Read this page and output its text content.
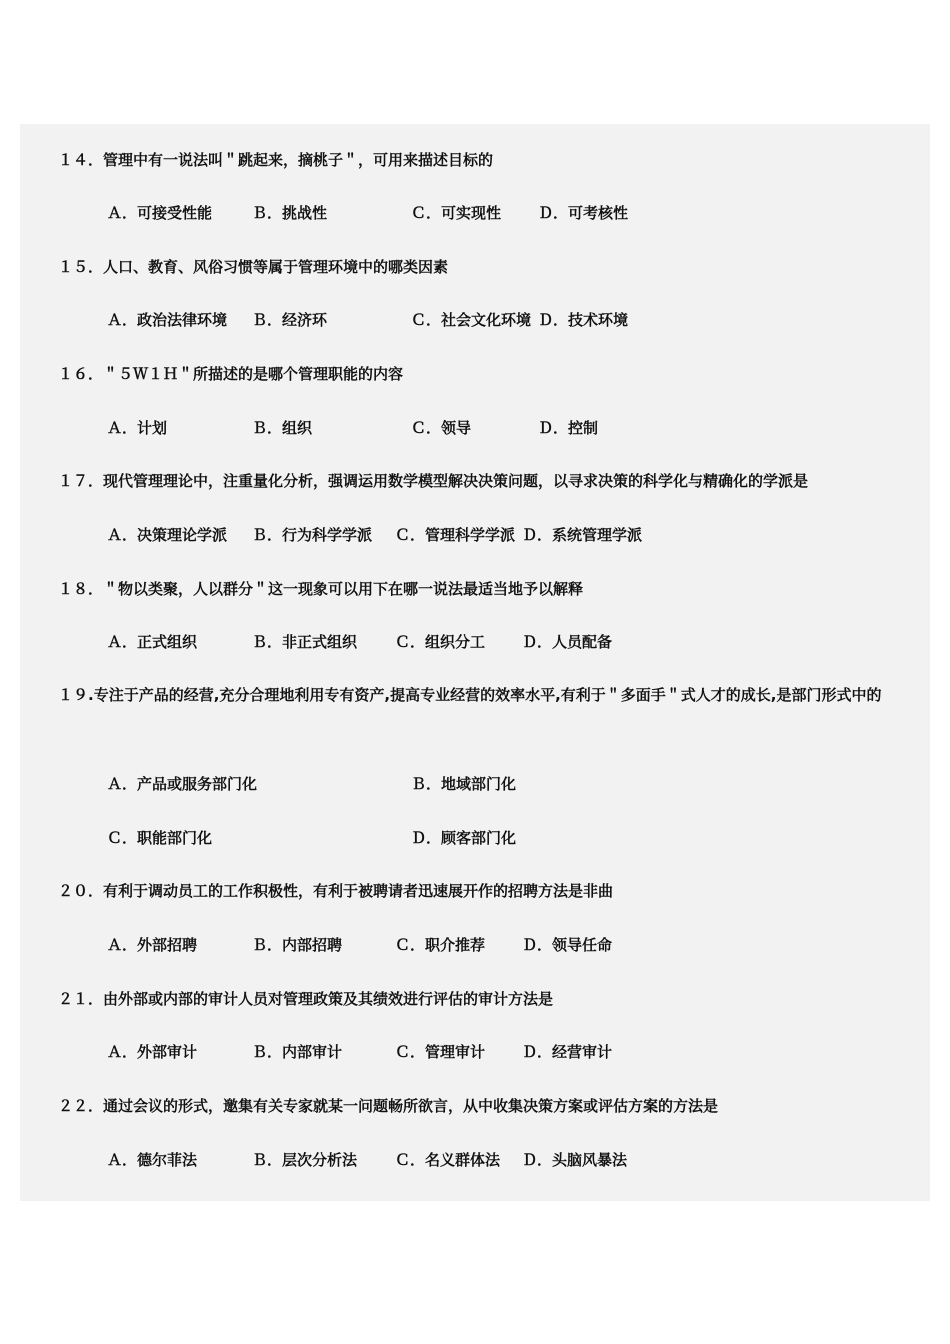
１４．管理中有一说法叫＂跳起来，摘桃子＂，可用来描述目标的
Ａ．可接受性能	Ｂ．挑战性	Ｃ．可实现性 Ｄ．可考核性
１５．人口、教育、风俗习惯等属于管理环境中的哪类因素
Ａ．政治法律环境 Ｂ．经济环	Ｃ．社会文化环境 Ｄ．技术环境
１６．＂５Ｗ１Ｈ＂所描述的是哪个管理职能的内容
Ａ．计划	Ｂ．组织	Ｃ．领导	Ｄ．控制
１７．现代管理理论中，注重量化分析，强调运用数学模型解决决策问题，以寻求决策的科学化与精确化的学派是
Ａ．决策理论学派 Ｂ．行为科学学派 Ｃ．管理科学学派 Ｄ．系统管理学派
１８．＂物以类聚，人以群分＂这一现象可以用下在哪一说法最适当地予以解释
Ａ．正式组织	Ｂ．非正式组织	Ｃ．组织分工 Ｄ．人员配备
１９.专注于产品的经营,充分合理地利用专有资产,提高专业经营的效率水平,有利于＂多面手＂式人才的成长,是部门形式中的
Ａ．产品或服务部门化	Ｂ．地域部门化
Ｃ．职能部门化	Ｄ．顾客部门化
２０．有利于调动员工的工作积极性，有利于被聘请者迅速展开作的招聘方法是非曲
Ａ．外部招聘	Ｂ．内部招聘	Ｃ．职介推荐 Ｄ．领导任命
２１．由外部或内部的审计人员对管理政策及其绩效进行评估的审计方法是
Ａ．外部审计	Ｂ．内部审计	Ｃ．管理审计 Ｄ．经营审计
２２．通过会议的形式，邀集有关专家就某一问题畅所欲言，从中收集决策方案或评估方案的方法是
Ａ．德尔菲法	Ｂ．层次分析法	Ｃ．名义群体法 Ｄ．头脑风暴法
